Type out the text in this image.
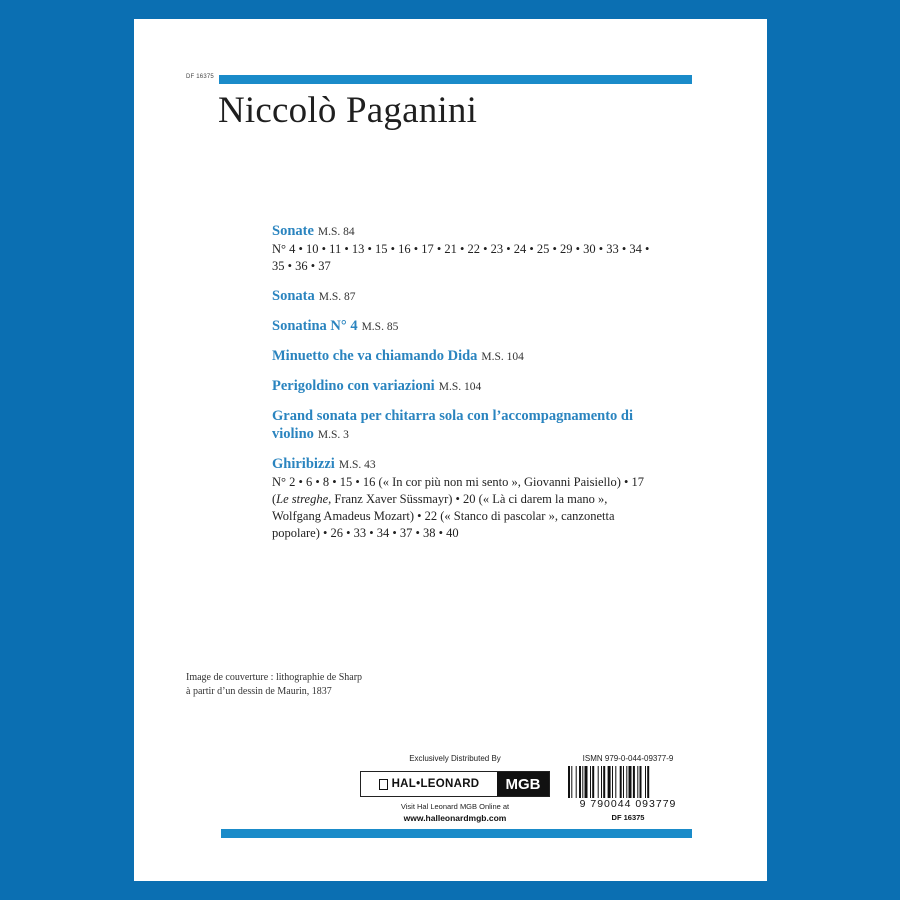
DF 16375
Niccolò Paganini
Sonate M.S. 84
N° 4 • 10 • 11 • 13 • 15 • 16 • 17 • 21 • 22 • 23 • 24 • 25 • 29 • 30 • 33 • 34 • 35 • 36 • 37
Sonata M.S. 87
Sonatina N° 4 M.S. 85
Minuetto che va chiamando Dida M.S. 104
Perigoldino con variazioni M.S. 104
Grand sonata per chitarra sola con l’accompagnamento di violino M.S. 3
Ghiribizzi M.S. 43
N° 2 • 6 • 8 • 15 • 16 (« In cor più non mi sento », Giovanni Paisiello) • 17 (Le streghe, Franz Xaver Süssmayr) • 20 (« Là ci darem la mano », Wolfgang Amadeus Mozart) • 22 (« Stanco di pascolar », canzonetta popolare) • 26 • 33 • 34 • 37 • 38 • 40
Image de couverture : lithographie de Sharp
à partir d’un dessin de Maurin, 1837
Exclusively Distributed By
HAL•LEONARD	MGB
Visit Hal Leonard MGB Online at
www.halleonardmgb.com
ISMN 979-0-044-09377-9
9 790044 093779
DF 16375
